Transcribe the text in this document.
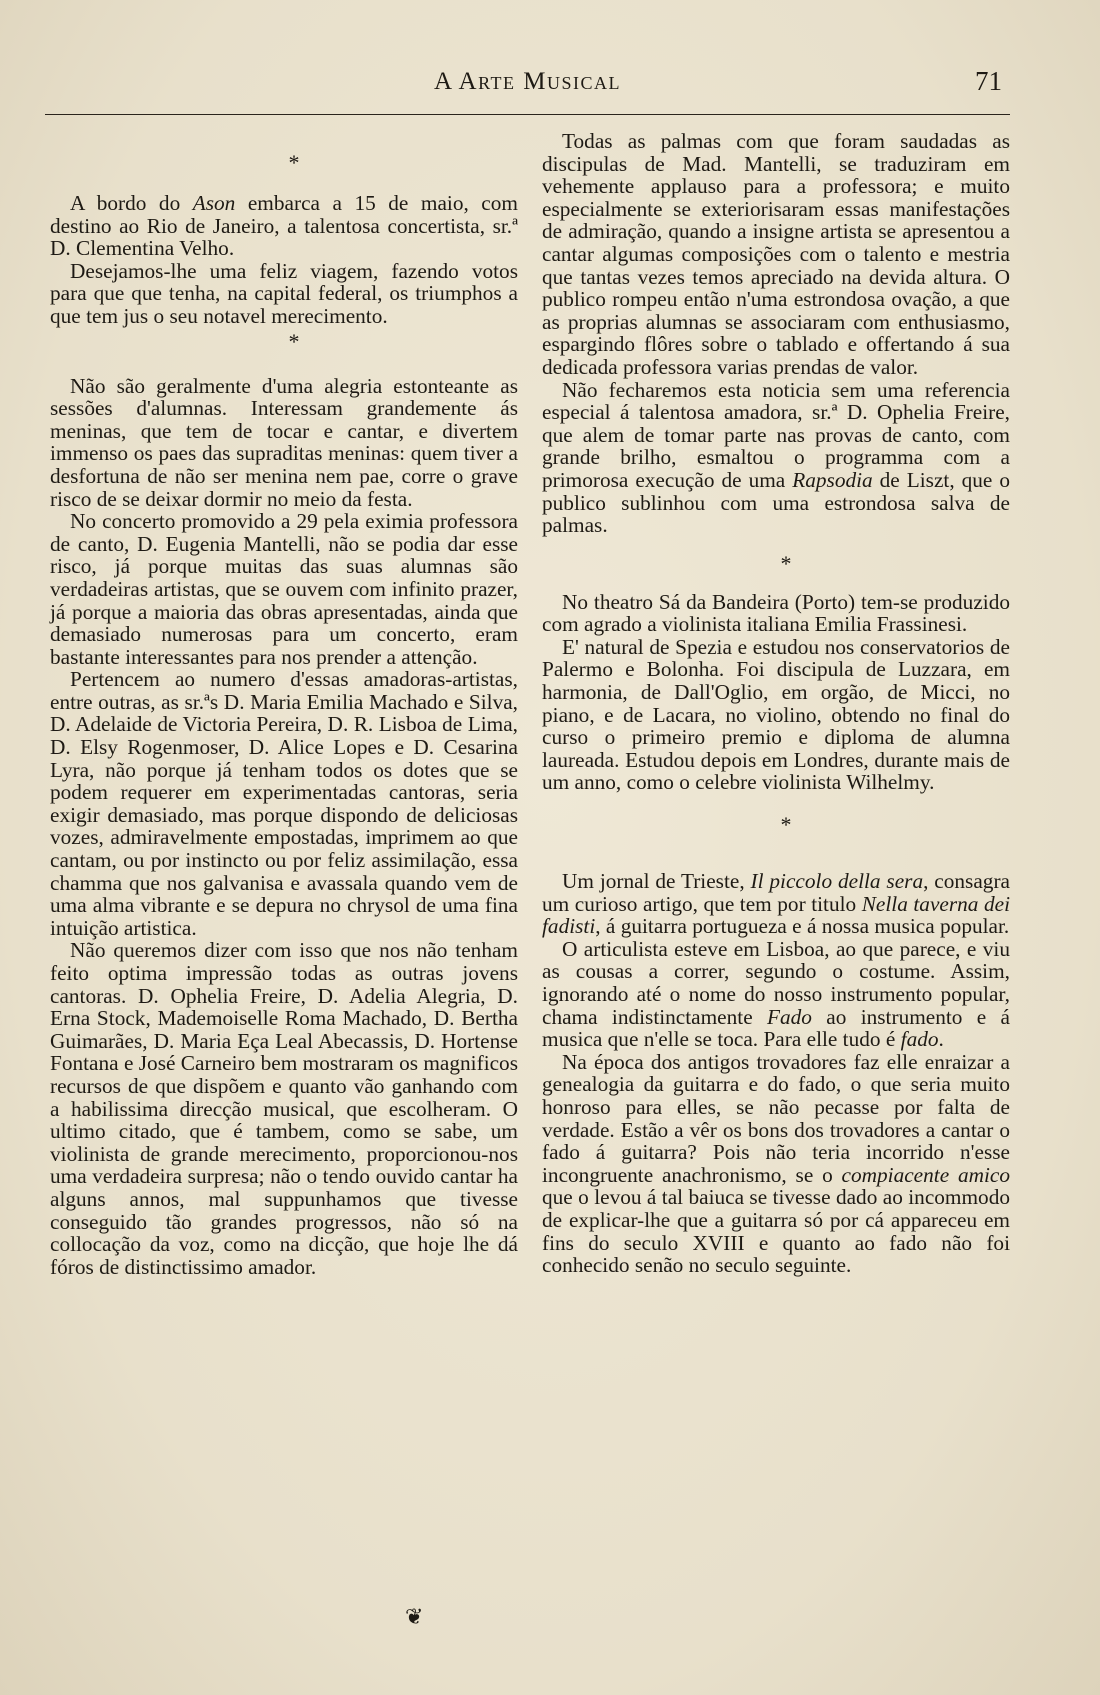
A Arte Musical	71

*

A bordo do Ason embarca a 15 de maio, com destino ao Rio de Janeiro, a talentosa concertista, sr.ª D. Clementina Velho.

Desejamos-lhe uma feliz viagem, fazendo votos para que que tenha, na capital federal, os triumphos a que tem jus o seu notavel merecimento.

*

Não são geralmente d'uma alegria estonteante as sessões d'alumnas. Interessam grandemente ás meninas, que tem de tocar e cantar, e divertem immenso os paes das supraditas meninas: quem tiver a desfortuna de não ser menina nem pae, corre o grave risco de se deixar dormir no meio da festa.

No concerto promovido a 29 pela eximia professora de canto, D. Eugenia Mantelli, não se podia dar esse risco, já porque muitas das suas alumnas são verdadeiras artistas, que se ouvem com infinito prazer, já porque a maioria das obras apresentadas, ainda que demasiado numerosas para um concerto, eram bastante interessantes para nos prender a attenção.

Pertencem ao numero d'essas amadoras-artistas, entre outras, as sr.ªs D. Maria Emilia Machado e Silva, D. Adelaide de Victoria Pereira, D. R. Lisboa de Lima, D. Elsy Rogenmoser, D. Alice Lopes e D. Cesarina Lyra, não porque já tenham todos os dotes que se podem requerer em experimentadas cantoras, seria exigir demasiado, mas porque dispondo de deliciosas vozes, admiravelmente empostadas, imprimem ao que cantam, ou por instincto ou por feliz assimilação, essa chamma que nos galvanisa e avassala quando vem de uma alma vibrante e se depura no chrysol de uma fina intuição artistica.

Não queremos dizer com isso que nos não tenham feito optima impressão todas as outras jovens cantoras. D. Ophelia Freire, D. Adelia Alegria, D. Erna Stock, Mademoiselle Roma Machado, D. Bertha Guimarães, D. Maria Eça Leal Abecassis, D. Hortense Fontana e José Carneiro bem mostraram os magnificos recursos de que dispõem e quanto vão ganhando com a habilissima direcção musical, que escolheram. O ultimo citado, que é tambem, como se sabe, um violinista de grande merecimento, proporcionou-nos uma verdadeira surpresa; não o tendo ouvido cantar ha alguns annos, mal suppunhamos que tivesse conseguido tão grandes progressos, não só na collocação da voz, como na dicção, que hoje lhe dá fóros de distinctissimo amador.

Todas as palmas com que foram saudadas as discipulas de Mad. Mantelli, se traduziram em vehemente applauso para a professora; e muito especialmente se exteriorisaram essas manifestações de admiração, quando a insigne artista se apresentou a cantar algumas composições com o talento e mestria que tantas vezes temos apreciado na devida altura. O publico rompeu então n'uma estrondosa ovação, a que as proprias alumnas se associaram com enthusiasmo, espargindo flôres sobre o tablado e offertando á sua dedicada professora varias prendas de valor.

Não fecharemos esta noticia sem uma referencia especial á talentosa amadora, sr.ª D. Ophelia Freire, que alem de tomar parte nas provas de canto, com grande brilho, esmaltou o programma com a primorosa execução de uma Rapsodia de Liszt, que o publico sublinhou com uma estrondosa salva de palmas.

*

No theatro Sá da Bandeira (Porto) tem-se produzido com agrado a violinista italiana Emilia Frassinesi.

E' natural de Spezia e estudou nos conservatorios de Palermo e Bolonha. Foi discipula de Luzzara, em harmonia, de Dall'Oglio, em orgão, de Micci, no piano, e de Lacara, no violino, obtendo no final do curso o primeiro premio e diploma de alumna laureada. Estudou depois em Londres, durante mais de um anno, como o celebre violinista Wilhelmy.

*

Um jornal de Trieste, Il piccolo della sera, consagra um curioso artigo, que tem por titulo Nella taverna dei fadisti, á guitarra portugueza e á nossa musica popular.

O articulista esteve em Lisboa, ao que parece, e viu as cousas a correr, segundo o costume. Assim, ignorando até o nome do nosso instrumento popular, chama indistinctamente Fado ao instrumento e á musica que n'elle se toca. Para elle tudo é fado.

Na época dos antigos trovadores faz elle enraizar a genealogia da guitarra e do fado, o que seria muito honroso para elles, se não pecasse por falta de verdade. Estão a vêr os bons dos trovadores a cantar o fado á guitarra? Pois não teria incorrido n'esse incongruente anachronismo, se o compiacente amico que o levou á tal baiuca se tivesse dado ao incommodo de explicar-lhe que a guitarra só por cá appareceu em fins do seculo XVIII e quanto ao fado não foi conhecido senão no seculo seguinte.

❦
